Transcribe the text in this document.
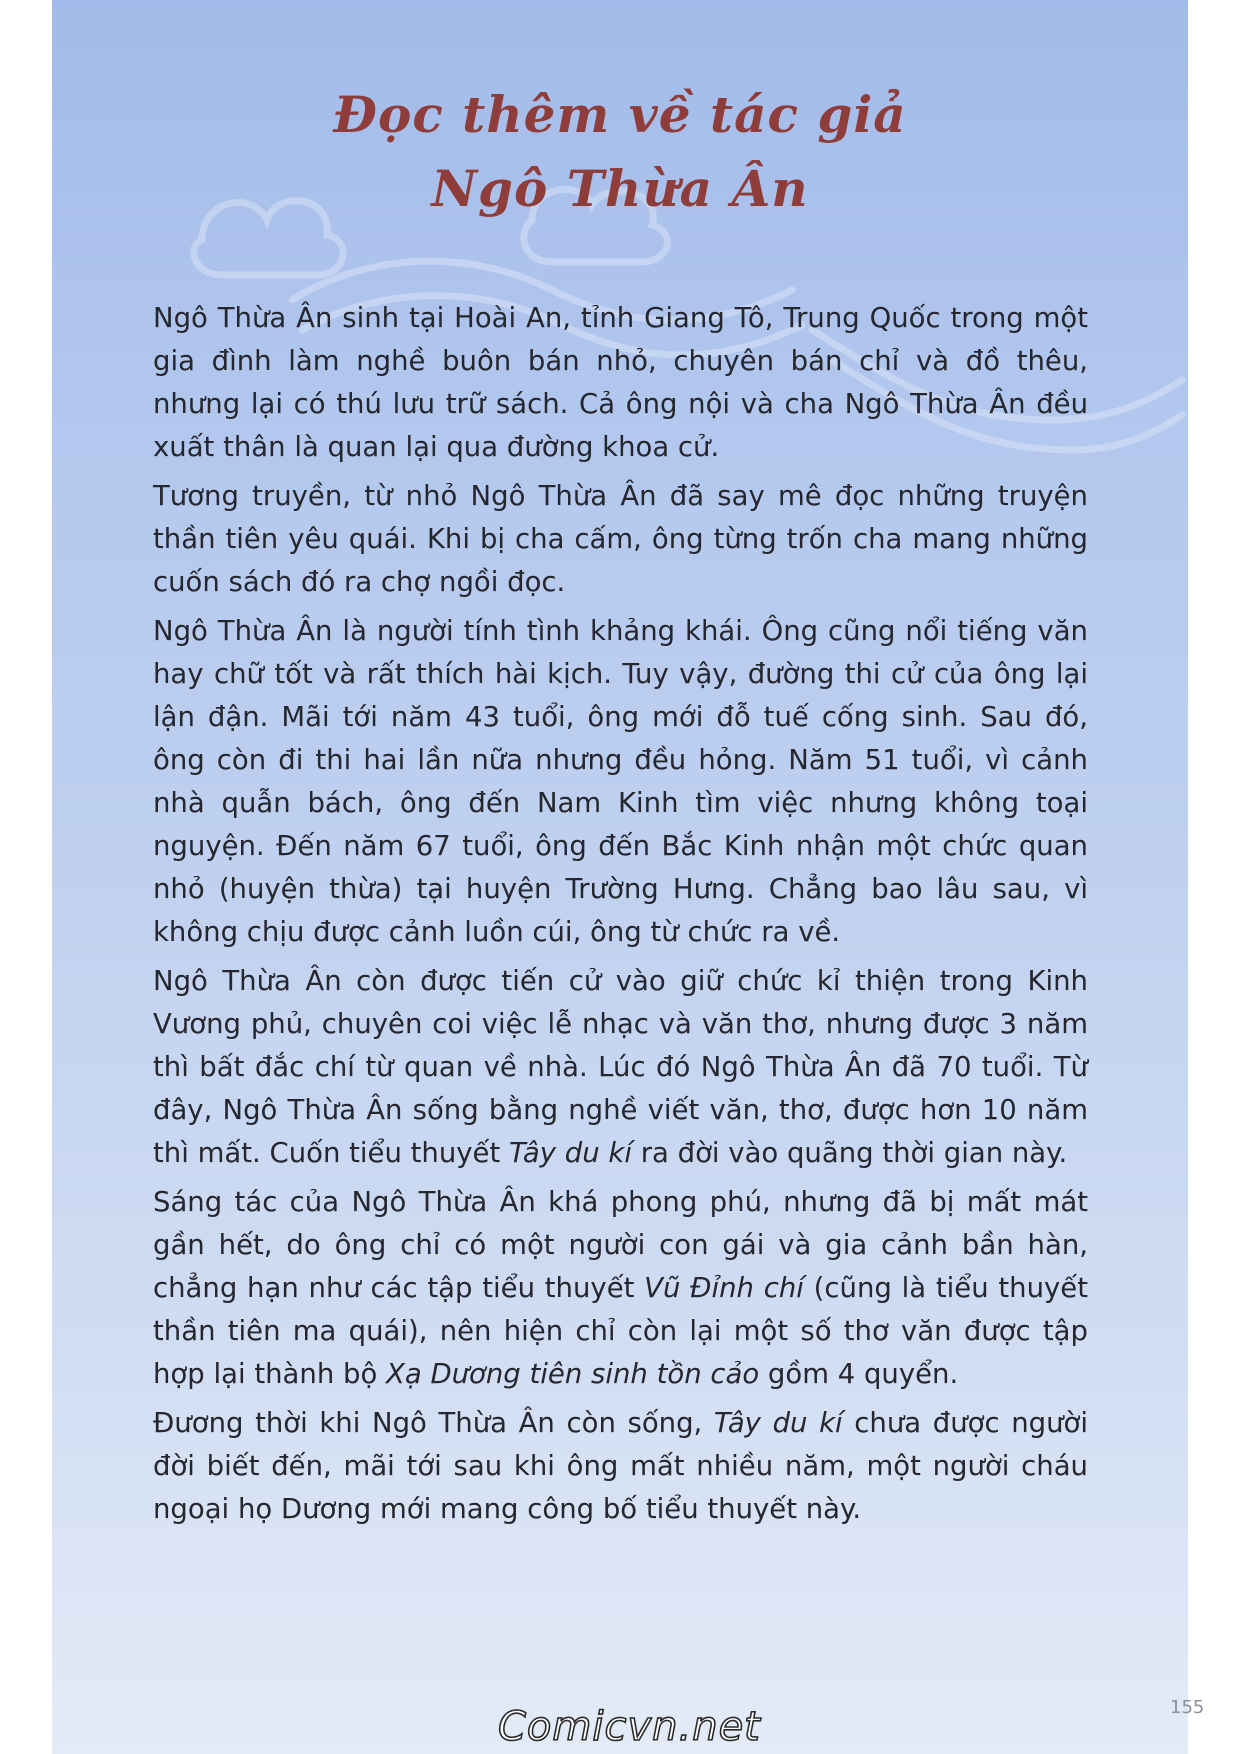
Đọc thêm về tác giả
Ngô Thừa Ân

Ngô Thừa Ân sinh tại Hoài An, tỉnh Giang Tô, Trung Quốc trong một gia đình làm nghề buôn bán nhỏ, chuyên bán chỉ và đồ thêu, nhưng lại có thú lưu trữ sách. Cả ông nội và cha Ngô Thừa Ân đều xuất thân là quan lại qua đường khoa cử.

Tương truyền, từ nhỏ Ngô Thừa Ân đã say mê đọc những truyện thần tiên yêu quái. Khi bị cha cấm, ông từng trốn cha mang những cuốn sách đó ra chợ ngồi đọc.

Ngô Thừa Ân là người tính tình khảng khái. Ông cũng nổi tiếng văn hay chữ tốt và rất thích hài kịch. Tuy vậy, đường thi cử của ông lại lận đận. Mãi tới năm 43 tuổi, ông mới đỗ tuế cống sinh. Sau đó, ông còn đi thi hai lần nữa nhưng đều hỏng. Năm 51 tuổi, vì cảnh nhà quẫn bách, ông đến Nam Kinh tìm việc nhưng không toại nguyện. Đến năm 67 tuổi, ông đến Bắc Kinh nhận một chức quan nhỏ (huyện thừa) tại huyện Trường Hưng. Chẳng bao lâu sau, vì không chịu được cảnh luồn cúi, ông từ chức ra về.

Ngô Thừa Ân còn được tiến cử vào giữ chức kỉ thiện trong Kinh Vương phủ, chuyên coi việc lễ nhạc và văn thơ, nhưng được 3 năm thì bất đắc chí từ quan về nhà. Lúc đó Ngô Thừa Ân đã 70 tuổi. Từ đây, Ngô Thừa Ân sống bằng nghề viết văn, thơ, được hơn 10 năm thì mất. Cuốn tiểu thuyết Tây du kí ra đời vào quãng thời gian này.

Sáng tác của Ngô Thừa Ân khá phong phú, nhưng đã bị mất mát gần hết, do ông chỉ có một người con gái và gia cảnh bần hàn, chẳng hạn như các tập tiểu thuyết Vũ Đỉnh chí (cũng là tiểu thuyết thần tiên ma quái), nên hiện chỉ còn lại một số thơ văn được tập hợp lại thành bộ Xạ Dương tiên sinh tồn cảo gồm 4 quyển.

Đương thời khi Ngô Thừa Ân còn sống, Tây du kí chưa được người đời biết đến, mãi tới sau khi ông mất nhiều năm, một người cháu ngoại họ Dương mới mang công bố tiểu thuyết này.

155
Comicvn.net
